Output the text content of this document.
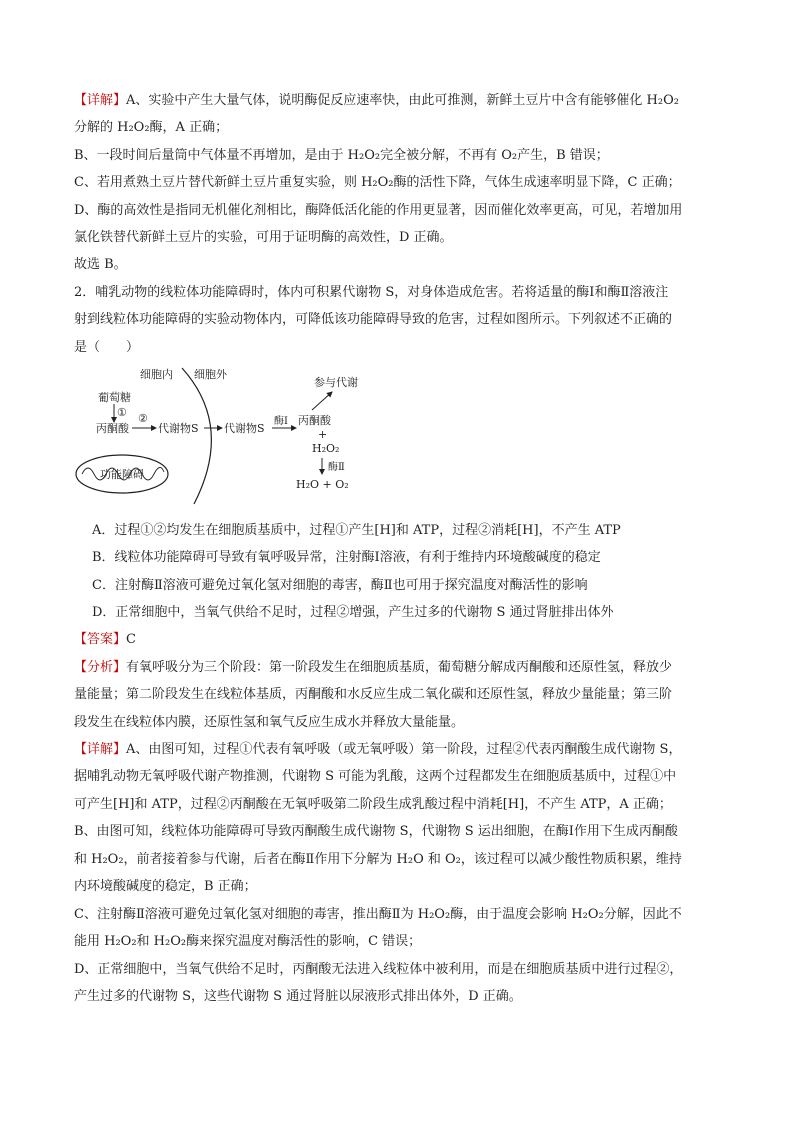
【详解】A、实验中产生大量气体，说明酶促反应速率快，由此可推测，新鲜土豆片中含有能够催化 H₂O₂
分解的 H₂O₂酶，A 正确；
B、一段时间后量筒中气体量不再增加，是由于 H₂O₂完全被分解，不再有 O₂产生，B 错误；
C、若用煮熟土豆片替代新鲜土豆片重复实验，则 H₂O₂酶的活性下降，气体生成速率明显下降，C 正确；
D、酶的高效性是指同无机催化剂相比，酶降低活化能的作用更显著，因而催化效率更高，可见，若增加用
氯化铁替代新鲜土豆片的实验，可用于证明酶的高效性，D 正确。
故选 B。
2．哺乳动物的线粒体功能障碍时，体内可积累代谢物 S，对身体造成危害。若将适量的酶Ⅰ和酶Ⅱ溶液注
射到线粒体功能障碍的实验动物体内，可降低该功能障碍导致的危害，过程如图所示。下列叙述不正确的
是（　　）
细胞内 细胞外
葡萄糖
①
丙酮酸
②
代谢物S 代谢物S
酶Ⅰ 丙酮酸
参与代谢
+
H₂O₂
酶Ⅱ
H₂O + O₂
功能障碍
A．过程①②均发生在细胞质基质中，过程①产生[H]和 ATP，过程②消耗[H]，不产生 ATP
B．线粒体功能障碍可导致有氧呼吸异常，注射酶Ⅰ溶液，有利于维持内环境酸碱度的稳定
C．注射酶Ⅱ溶液可避免过氧化氢对细胞的毒害，酶Ⅱ也可用于探究温度对酶活性的影响
D．正常细胞中，当氧气供给不足时，过程②增强，产生过多的代谢物 S 通过肾脏排出体外
【答案】C
【分析】有氧呼吸分为三个阶段：第一阶段发生在细胞质基质，葡萄糖分解成丙酮酸和还原性氢，释放少
量能量；第二阶段发生在线粒体基质，丙酮酸和水反应生成二氧化碳和还原性氢，释放少量能量；第三阶
段发生在线粒体内膜，还原性氢和氧气反应生成水并释放大量能量。
【详解】A、由图可知，过程①代表有氧呼吸（或无氧呼吸）第一阶段，过程②代表丙酮酸生成代谢物 S，
据哺乳动物无氧呼吸代谢产物推测，代谢物 S 可能为乳酸，这两个过程都发生在细胞质基质中，过程①中
可产生[H]和 ATP，过程②丙酮酸在无氧呼吸第二阶段生成乳酸过程中消耗[H]，不产生 ATP，A 正确；
B、由图可知，线粒体功能障碍可导致丙酮酸生成代谢物 S，代谢物 S 运出细胞，在酶Ⅰ作用下生成丙酮酸
和 H₂O₂，前者接着参与代谢，后者在酶Ⅱ作用下分解为 H₂O 和 O₂，该过程可以减少酸性物质积累，维持
内环境酸碱度的稳定，B 正确；
C、注射酶Ⅱ溶液可避免过氧化氢对细胞的毒害，推出酶Ⅱ为 H₂O₂酶，由于温度会影响 H₂O₂分解，因此不
能用 H₂O₂和 H₂O₂酶来探究温度对酶活性的影响，C 错误；
D、正常细胞中，当氧气供给不足时，丙酮酸无法进入线粒体中被利用，而是在细胞质基质中进行过程②，
产生过多的代谢物 S，这些代谢物 S 通过肾脏以尿液形式排出体外，D 正确。
